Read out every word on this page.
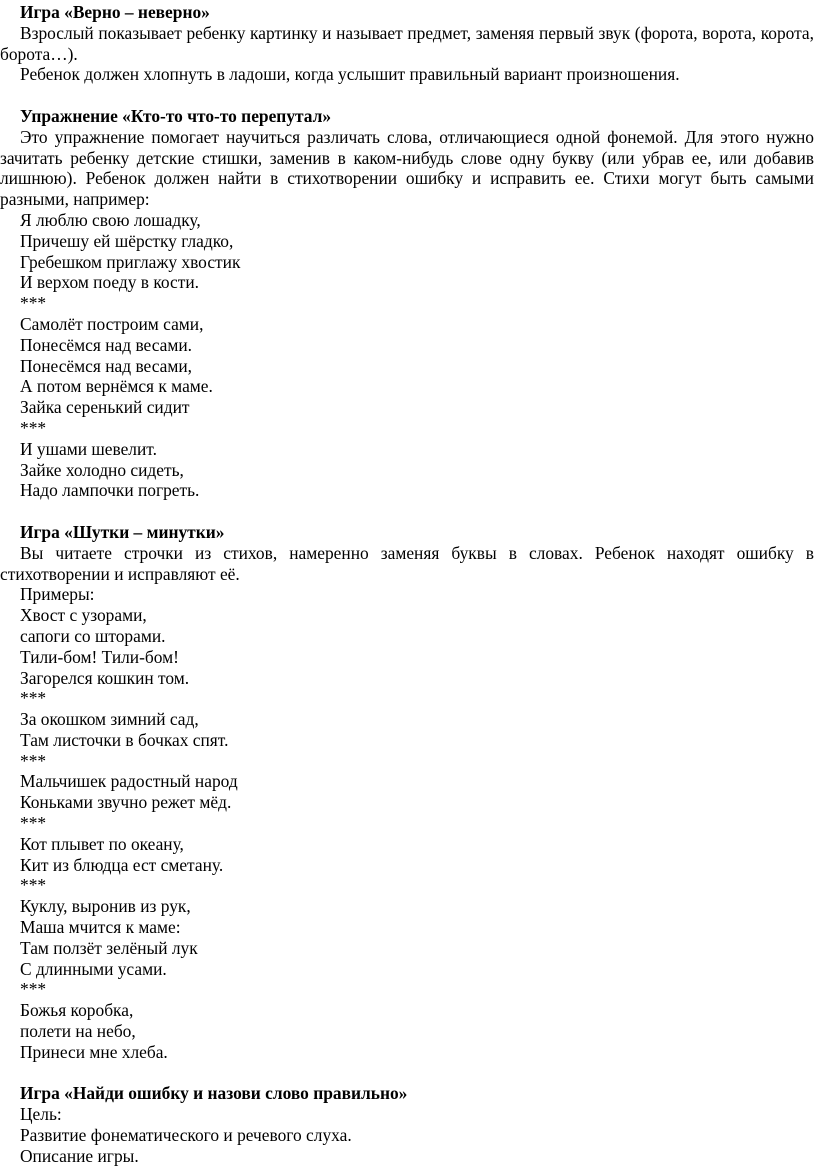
Игра «Верно – неверно»
Взрослый показывает ребенку картинку и называет предмет, заменяя первый звук (форота, ворота, корота, борота…).
Ребенок должен хлопнуть в ладоши, когда услышит правильный вариант произношения.
Упражнение «Кто-то что-то перепутал»
Это упражнение помогает научиться различать слова, отличающиеся одной фонемой. Для этого нужно зачитать ребенку детские стишки, заменив в каком-нибудь слове одну букву (или убрав ее, или добавив лишнюю). Ребенок должен найти в стихотворении ошибку и исправить ее. Стихи могут быть самыми разными, например:
Я люблю свою лошадку,
Причешу ей шёрстку гладко,
Гребешком приглажу хвостик
И верхом поеду в кости.
***
Самолёт построим сами,
Понесёмся над весами.
Понесёмся над весами,
А потом вернёмся к маме.
Зайка серенький сидит
***
И ушами шевелит.
Зайке холодно сидеть,
Надо лампочки погреть.
Игра «Шутки – минутки»
Вы читаете строчки из стихов, намеренно заменяя буквы в словах. Ребенок находят ошибку в стихотворении и исправляют её.
Примеры:
Хвост с узорами,
сапоги со шторами.
Тили-бом! Тили-бом!
Загорелся кошкин том.
***
За окошком зимний сад,
Там листочки в бочках спят.
***
Мальчишек радостный народ
Коньками звучно режет мёд.
***
Кот плывет по океану,
Кит из блюдца ест сметану.
***
Куклу, выронив из рук,
Маша мчится к маме:
Там ползёт зелёный лук
С длинными усами.
***
Божья коробка,
полети на небо,
Принеси мне хлеба.
Игра «Найди ошибку и назови слово правильно»
Цель:
Развитие фонематического и речевого слуха.
Описание игры.
